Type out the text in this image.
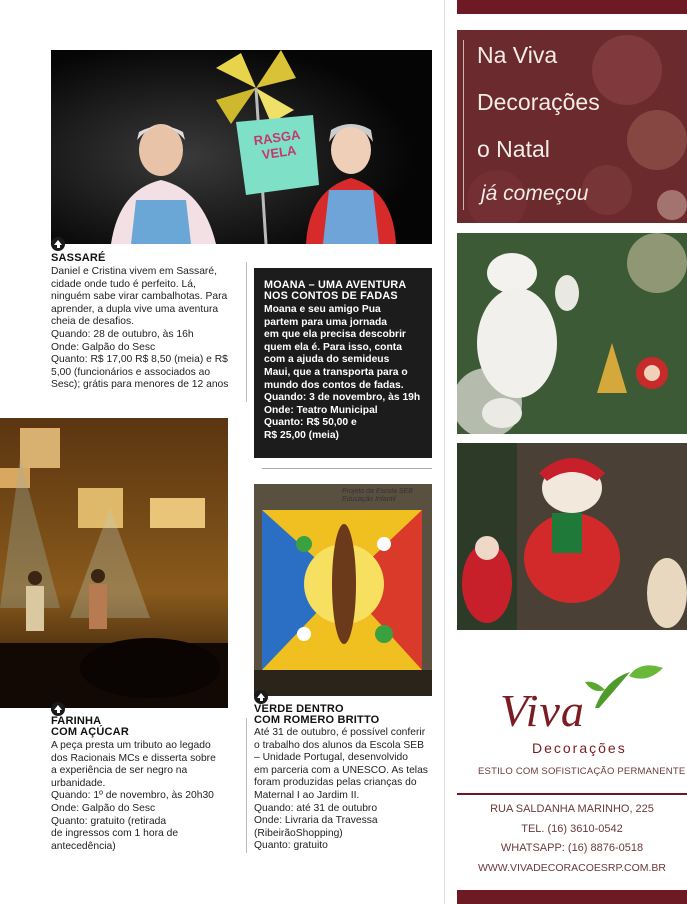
RASGA VELA
SASSARÉ
Daniel e Cristina vivem em Sassaré,
cidade onde tudo é perfeito. Lá,
ninguém sabe virar cambalhotas. Para
aprender, a dupla vive uma aventura
cheia de desafios.
Quando: 28 de outubro, às 16h
Onde: Galpão do Sesc
Quanto: R$ 17,00 R$ 8,50 (meia) e R$
5,00 (funcionários e associados ao
Sesc); grátis para menores de 12 anos
MOANA – UMA AVENTURA
NOS CONTOS DE FADAS
Moana e seu amigo Pua
partem para uma jornada
em que ela precisa descobrir
quem ela é. Para isso, conta
com a ajuda do semideus
Maui, que a transporta para o
mundo dos contos de fadas.
Quando: 3 de novembro, às 19h
Onde: Teatro Municipal
Quanto: R$ 50,00 e
R$ 25,00 (meia)
FARINHA
COM AÇÚCAR
A peça presta um tributo ao legado
dos Racionais MCs e disserta sobre
a experiência de ser negro na
urbanidade.
Quando: 1º de novembro, às 20h30
Onde: Galpão do Sesc
Quanto: gratuito (retirada
de ingressos com 1 hora de
antecedência)
Projeto da Escola SEB Educação Infantil
VERDE DENTRO
COM ROMERO BRITTO
Até 31 de outubro, é possível conferir
o trabalho dos alunos da Escola SEB
– Unidade Portugal, desenvolvido
em parceria com a UNESCO. As telas
foram produzidas pelas crianças do
Maternal I ao Jardim II.
Quando: até 31 de outubro
Onde: Livraria da Travessa
(RibeirãoShopping)
Quanto: gratuito
Na Viva
Decorações
o Natal
já começou
Viva
Decorações
ESTILO COM SOFISTICAÇÃO PERMANENTE
RUA SALDANHA MARINHO, 225
TEL. (16) 3610-0542
WHATSAPP: (16) 8876-0518
WWW.VIVADECORACOESRP.COM.BR
